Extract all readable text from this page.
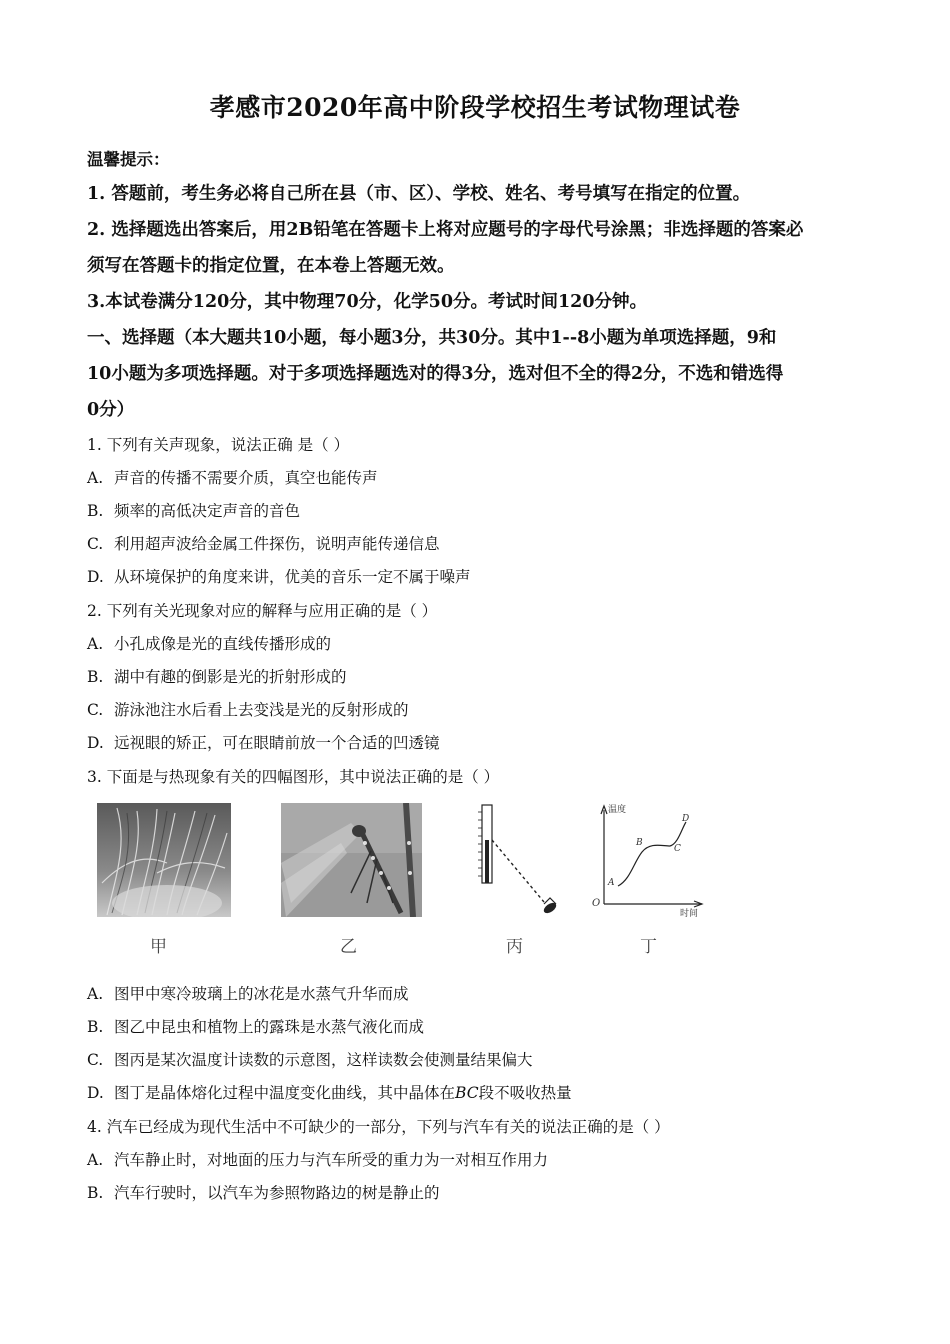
孝感市2020年高中阶段学校招生考试物理试卷
温馨提示：
1. 答题前，考生务必将自己所在县（市、区）、学校、姓名、考号填写在指定的位置。
2. 选择题选出答案后，用2B铅笔在答题卡上将对应题号的字母代号涂黑；非选择题的答案必
须写在答题卡的指定位置，在本卷上答题无效。
3.本试卷满分120分，其中物理70分，化学50分。考试时间120分钟。
一、选择题（本大题共10小题，每小题3分，共30分。其中1--8小题为单项选择题，9和
10小题为多项选择题。对于多项选择题选对的得3分，选对但不全的得2分，不选和错选得
0分）
1. 下列有关声现象，说法正确 是（ ）
A. 声音的传播不需要介质，真空也能传声
B. 频率的高低决定声音的音色
C. 利用超声波给金属工件探伤，说明声能传递信息
D. 从环境保护的角度来讲，优美的音乐一定不属于噪声
2. 下列有关光现象对应的解释与应用正确的是（ ）
A. 小孔成像是光的直线传播形成的
B. 湖中有趣的倒影是光的折射形成的
C. 游泳池注水后看上去变浅是光的反射形成的
D. 远视眼的矫正，可在眼睛前放一个合适的凹透镜
3. 下面是与热现象有关的四幅图形，其中说法正确的是（ ）
温度
时间
O
A
B
C
D
甲	乙	丙	丁
A. 图甲中寒冷玻璃上的冰花是水蒸气升华而成
B. 图乙中昆虫和植物上的露珠是水蒸气液化而成
C. 图丙是某次温度计读数的示意图，这样读数会使测量结果偏大
D. 图丁是晶体熔化过程中温度变化曲线，其中晶体在BC段不吸收热量
4. 汽车已经成为现代生活中不可缺少的一部分，下列与汽车有关的说法正确的是（ ）
A. 汽车静止时，对地面的压力与汽车所受的重力为一对相互作用力
B. 汽车行驶时，以汽车为参照物路边的树是静止的
